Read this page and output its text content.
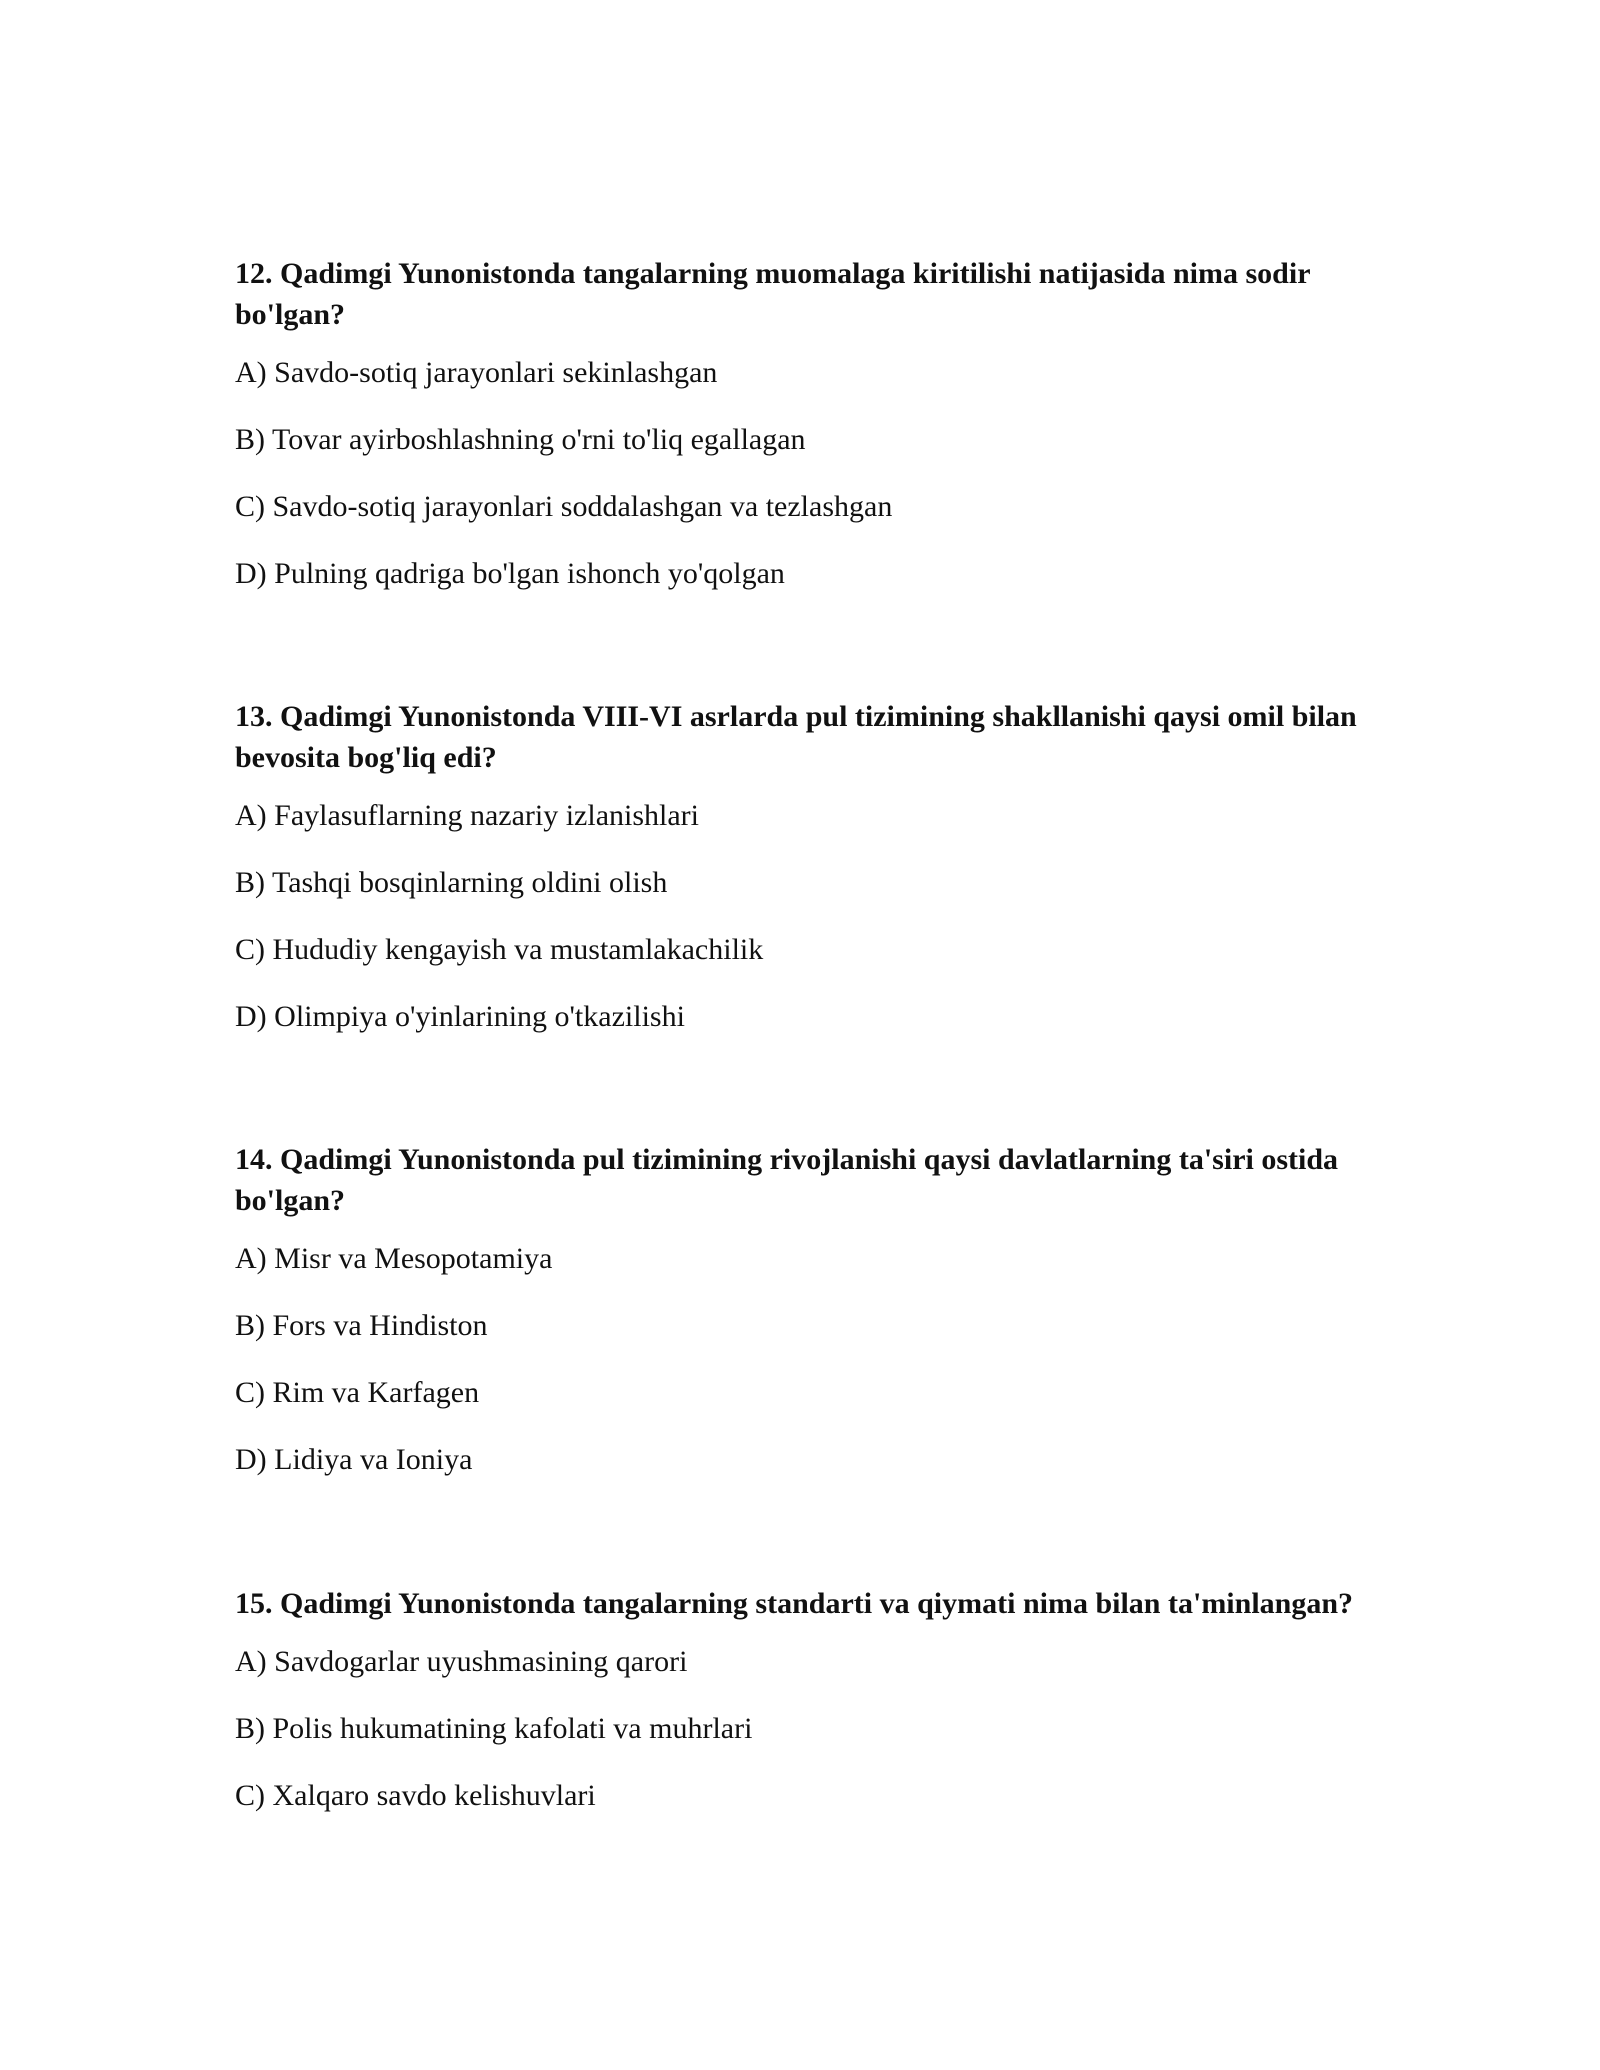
12. Qadimgi Yunonistonda tangalarning muomalaga kiritilishi natijasida nima sodir bo'lgan?

A) Savdo-sotiq jarayonlari sekinlashgan

B) Tovar ayirboshlashning o'rni to'liq egallagan

C) Savdo-sotiq jarayonlari soddalashgan va tezlashgan

D) Pulning qadriga bo'lgan ishonch yo'qolgan

13. Qadimgi Yunonistonda VIII-VI asrlarda pul tizimining shakllanishi qaysi omil bilan bevosita bog'liq edi?

A) Faylasuflarning nazariy izlanishlari

B) Tashqi bosqinlarning oldini olish

C) Hududiy kengayish va mustamlakachilik

D) Olimpiya o'yinlarining o'tkazilishi

14. Qadimgi Yunonistonda pul tizimining rivojlanishi qaysi davlatlarning ta'siri ostida bo'lgan?

A) Misr va Mesopotamiya

B) Fors va Hindiston

C) Rim va Karfagen

D) Lidiya va Ioniya

15. Qadimgi Yunonistonda tangalarning standarti va qiymati nima bilan ta'minlangan?

A) Savdogarlar uyushmasining qarori

B) Polis hukumatining kafolati va muhrlari

C) Xalqaro savdo kelishuvlari
